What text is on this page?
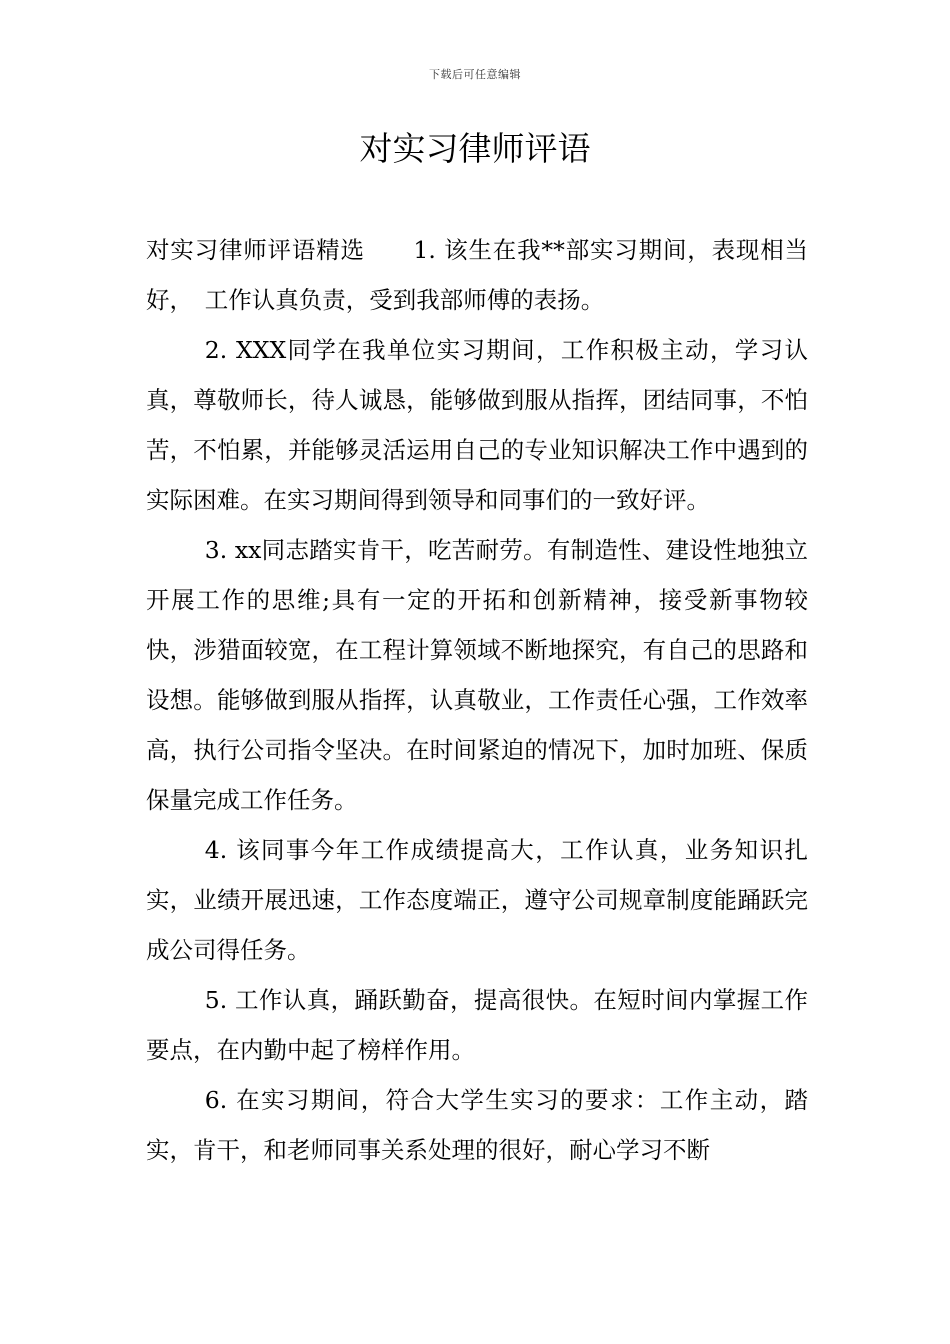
下载后可任意编辑
对实习律师评语

对实习律师评语精选　　1. 该生在我**部实习期间，表现相当好，　工作认真负责，受到我部师傅的表扬。

2. XXX同学在我单位实习期间，工作积极主动，学习认真，尊敬师长，待人诚恳，能够做到服从指挥，团结同事，不怕苦，不怕累，并能够灵活运用自己的专业知识解决工作中遇到的实际困难。在实习期间得到领导和同事们的一致好评。

3. xx同志踏实肯干，吃苦耐劳。有制造性、建设性地独立开展工作的思维;具有一定的开拓和创新精神，接受新事物较快，涉猎面较宽，在工程计算领域不断地探究，有自己的思路和设想。能够做到服从指挥，认真敬业，工作责任心强，工作效率高，执行公司指令坚决。在时间紧迫的情况下，加时加班、保质保量完成工作任务。

4. 该同事今年工作成绩提高大，工作认真，业务知识扎实，业绩开展迅速，工作态度端正，遵守公司规章制度能踊跃完成公司得任务。

5. 工作认真，踊跃勤奋，提高很快。在短时间内掌握工作要点，在内勤中起了榜样作用。

6. 在实习期间，符合大学生实习的要求：工作主动，踏实，肯干，和老师同事关系处理的很好，耐心学习不断
